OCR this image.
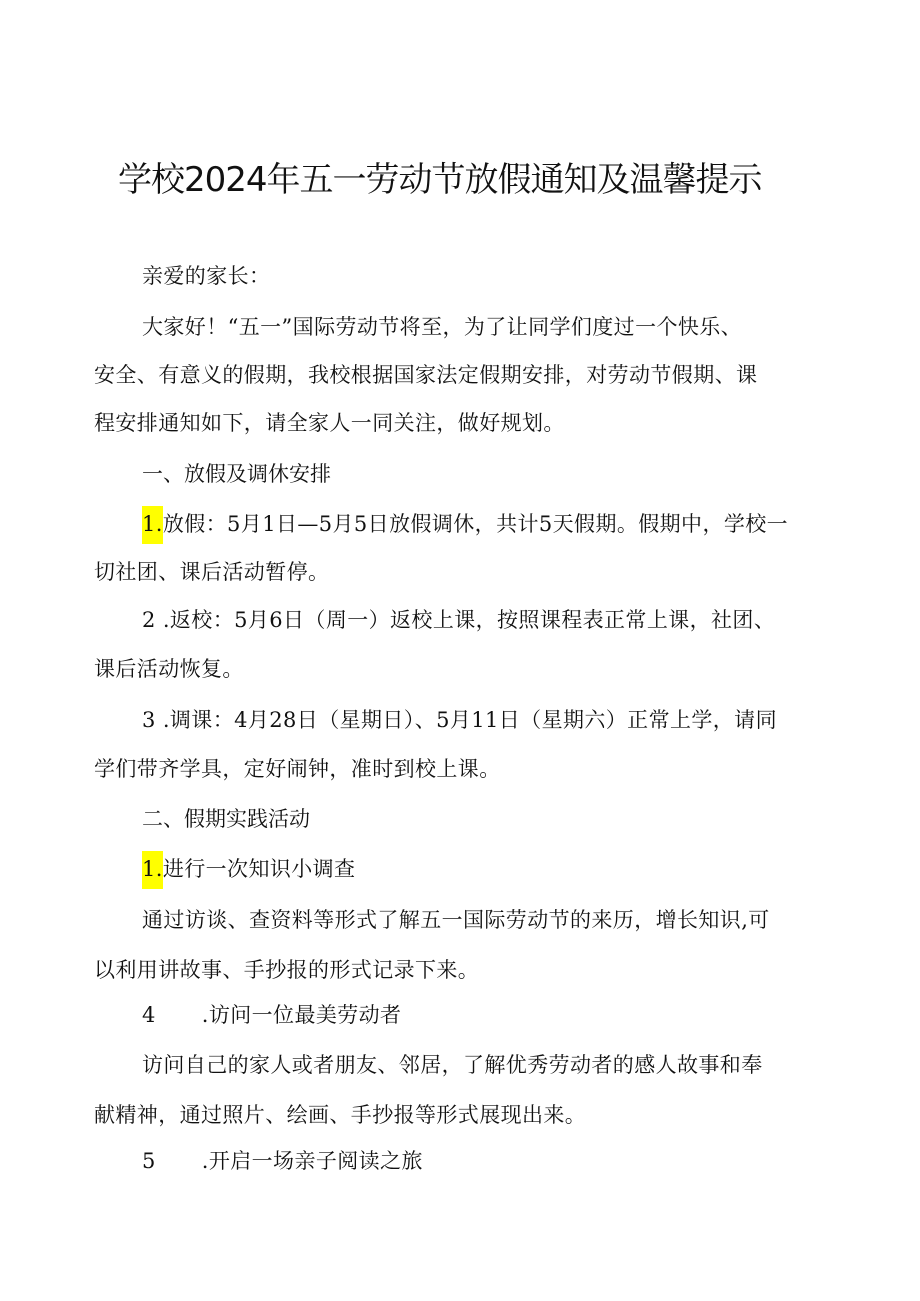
学校2024年五一劳动节放假通知及温馨提示
亲爱的家长：
大家好！“五一”国际劳动节将至，为了让同学们度过一个快乐、
安全、有意义的假期，我校根据国家法定假期安排，对劳动节假期、课
程安排通知如下，请全家人一同关注，做好规划。
一、放假及调休安排
1.放假：5月1日—5月5日放假调休，共计5天假期。假期中，学校一
切社团、课后活动暂停。
2 .返校：5月6日（周一）返校上课，按照课程表正常上课，社团、
课后活动恢复。
3 .调课：4月28日（星期日）、5月11日（星期六）正常上学，请同
学们带齐学具，定好闹钟，准时到校上课。
二、假期实践活动
1.进行一次知识小调查
通过访谈、查资料等形式了解五一国际劳动节的来历，增长知识,可
以利用讲故事、手抄报的形式记录下来。
4 .访问一位最美劳动者
访问自己的家人或者朋友、邻居，了解优秀劳动者的感人故事和奉
献精神，通过照片、绘画、手抄报等形式展现出来。
5 .开启一场亲子阅读之旅
